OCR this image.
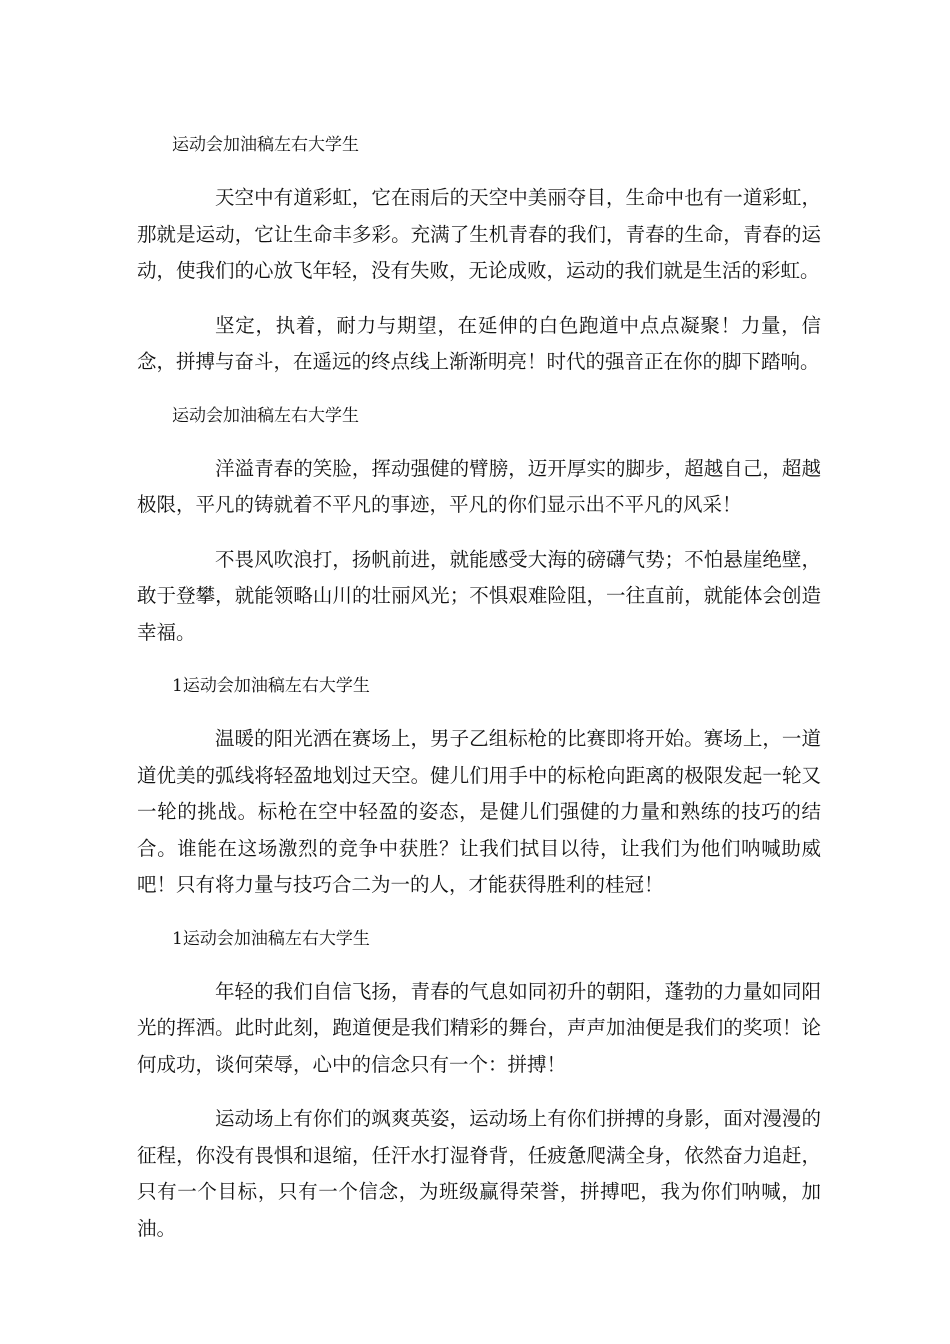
运动会加油稿左右大学生

天空中有道彩虹，它在雨后的天空中美丽夺目，生命中也有一道彩虹，那就是运动，它让生命丰多彩。充满了生机青春的我们，青春的生命，青春的运动，使我们的心放飞年轻，没有失败，无论成败，运动的我们就是生活的彩虹。

坚定，执着，耐力与期望，在延伸的白色跑道中点点凝聚！力量，信念，拼搏与奋斗，在遥远的终点线上渐渐明亮！时代的强音正在你的脚下踏响。

运动会加油稿左右大学生

洋溢青春的笑脸，挥动强健的臂膀，迈开厚实的脚步，超越自己，超越极限，平凡的铸就着不平凡的事迹，平凡的你们显示出不平凡的风采！

不畏风吹浪打，扬帆前进，就能感受大海的磅礴气势；不怕悬崖绝壁，敢于登攀，就能领略山川的壮丽风光；不惧艰难险阻，一往直前，就能体会创造幸福。

1运动会加油稿左右大学生

温暖的阳光洒在赛场上，男子乙组标枪的比赛即将开始。赛场上，一道道优美的弧线将轻盈地划过天空。健儿们用手中的标枪向距离的极限发起一轮又一轮的挑战。标枪在空中轻盈的姿态，是健儿们强健的力量和熟练的技巧的结合。谁能在这场激烈的竞争中获胜？让我们拭目以待，让我们为他们呐喊助威吧！只有将力量与技巧合二为一的人，才能获得胜利的桂冠！

1运动会加油稿左右大学生

年轻的我们自信飞扬，青春的气息如同初升的朝阳，蓬勃的力量如同阳光的挥洒。此时此刻，跑道便是我们精彩的舞台，声声加油便是我们的奖项！论何成功，谈何荣辱，心中的信念只有一个：拼搏！

运动场上有你们的飒爽英姿，运动场上有你们拼搏的身影，面对漫漫的征程，你没有畏惧和退缩，任汗水打湿脊背，任疲惫爬满全身，依然奋力追赶，只有一个目标，只有一个信念，为班级赢得荣誉，拼搏吧，我为你们呐喊，加油。
